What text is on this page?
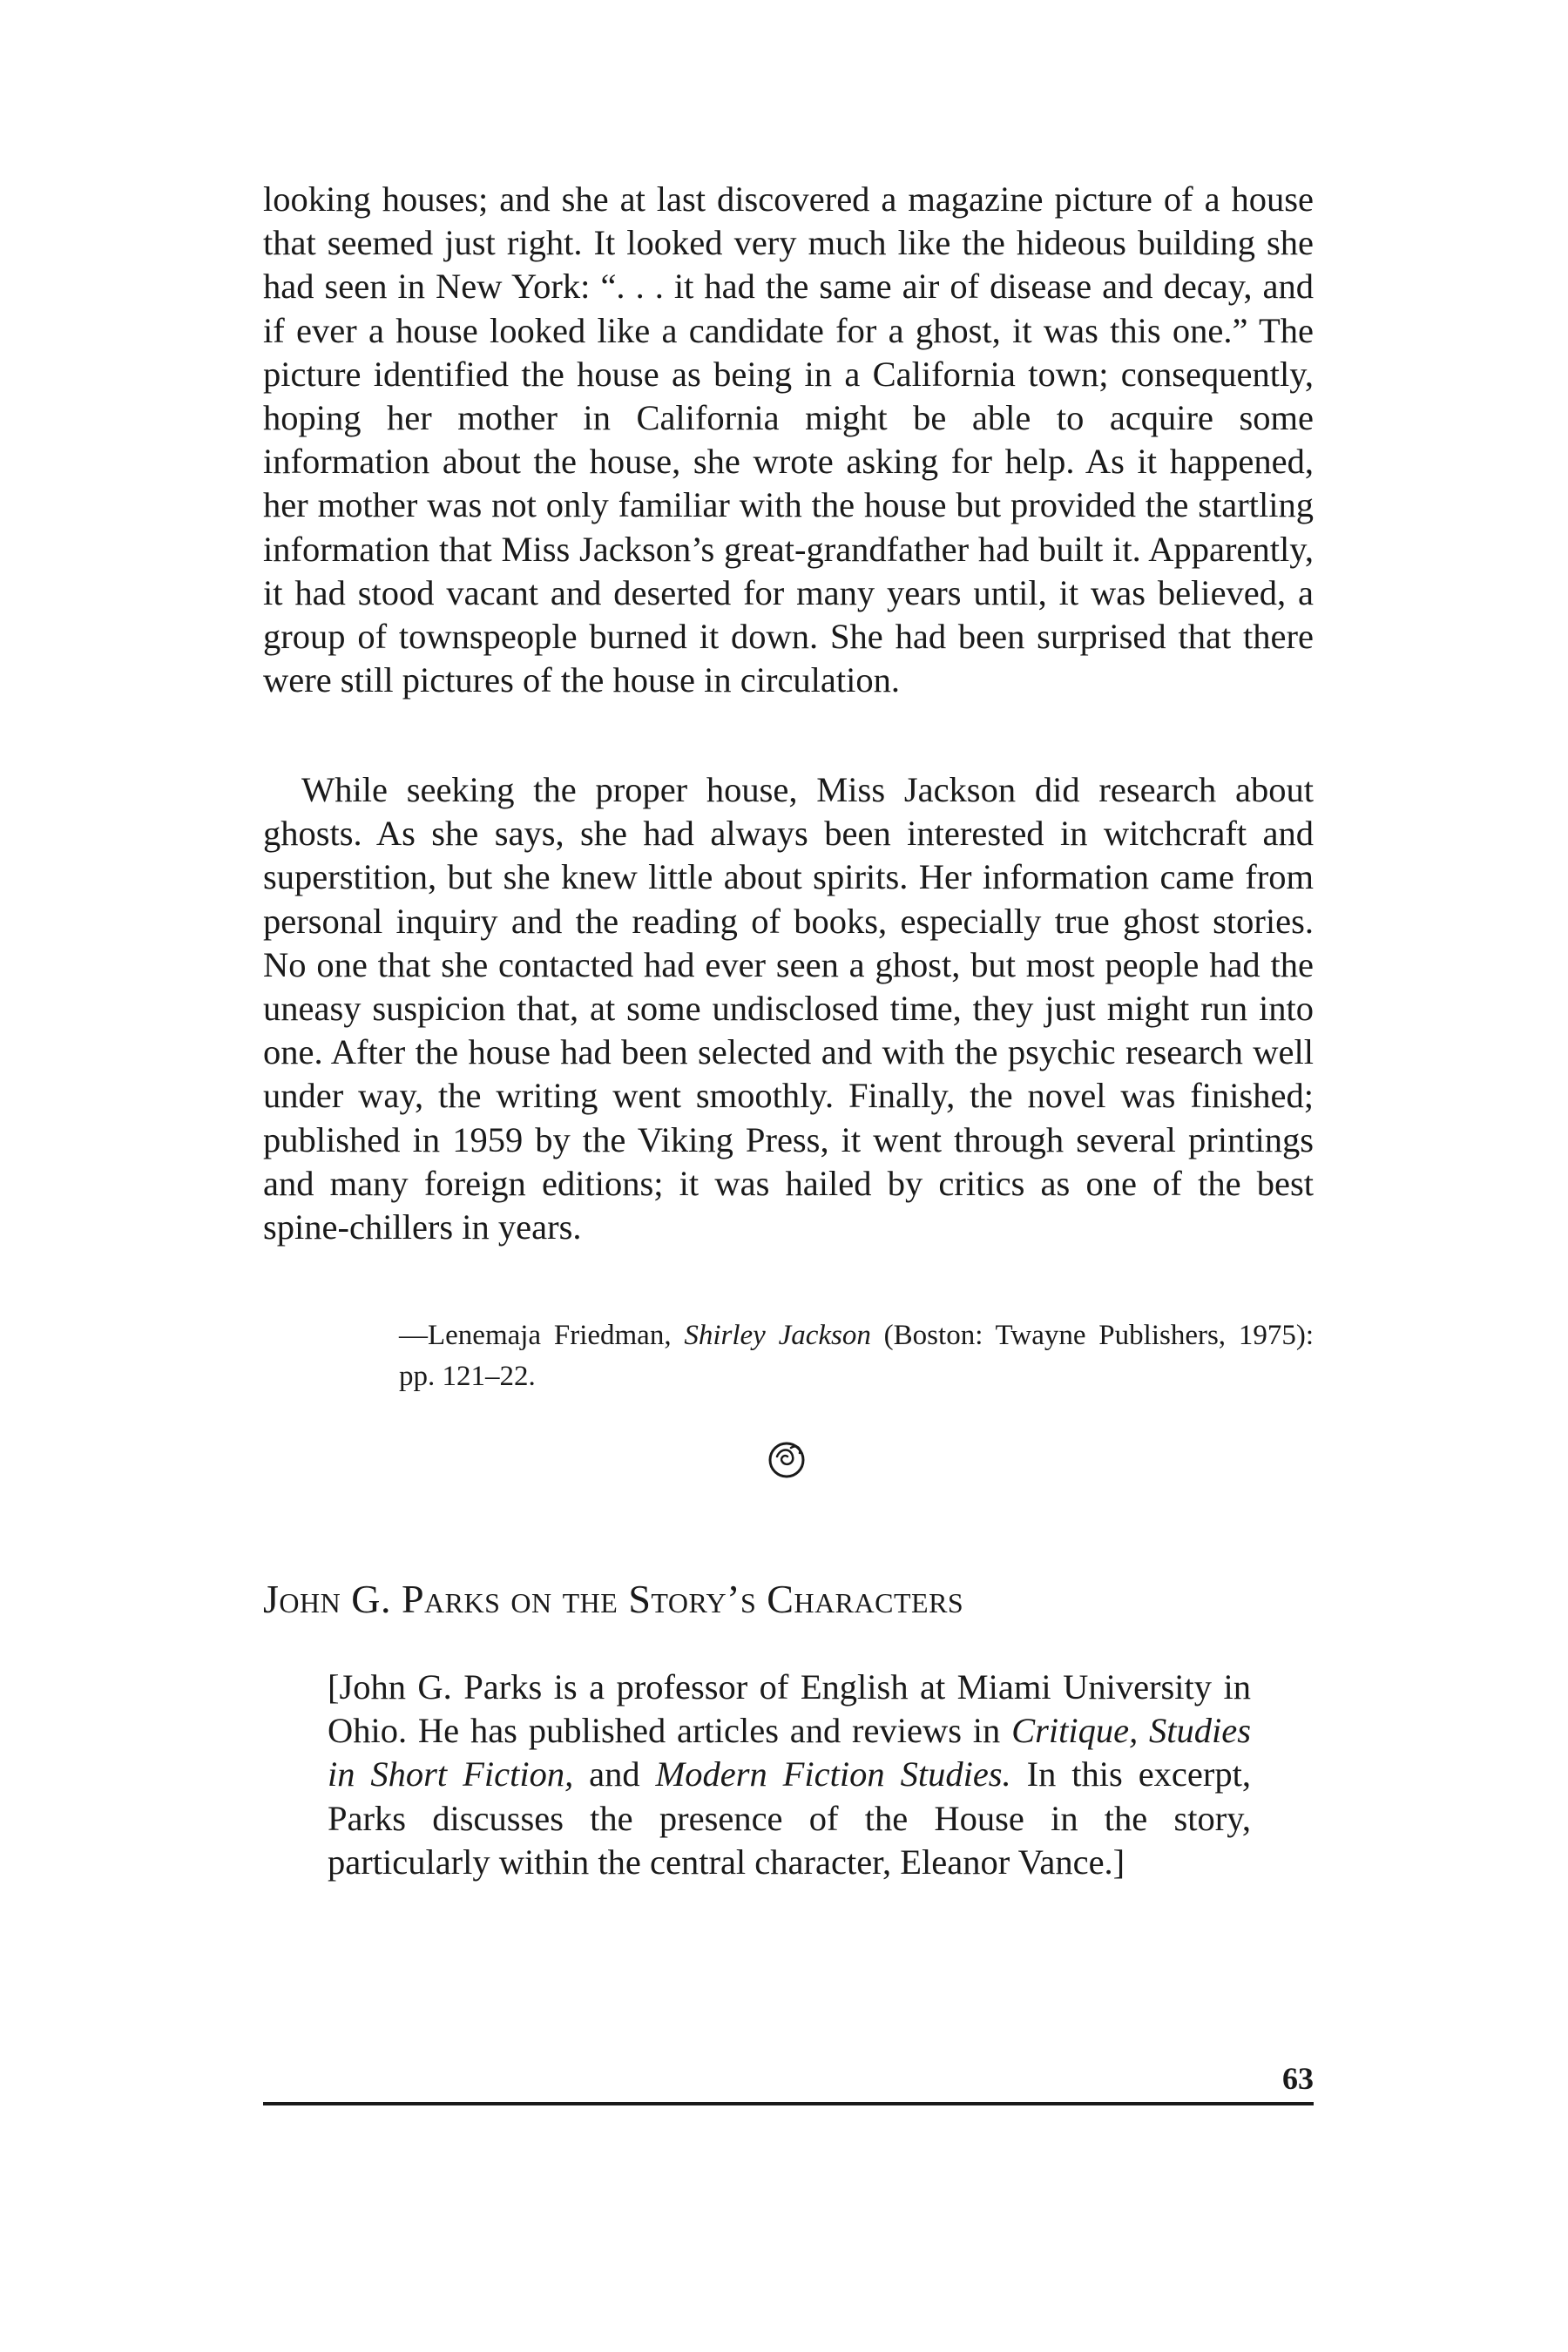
looking houses; and she at last discovered a magazine picture of a house that seemed just right. It looked very much like the hideous building she had seen in New York: “. . . it had the same air of disease and decay, and if ever a house looked like a candidate for a ghost, it was this one.” The picture identified the house as being in a California town; consequently, hoping her mother in California might be able to acquire some information about the house, she wrote asking for help. As it happened, her mother was not only familiar with the house but provided the startling information that Miss Jackson’s great-grandfather had built it. Apparently, it had stood vacant and deserted for many years until, it was believed, a group of townspeople burned it down. She had been surprised that there were still pictures of the house in circulation.

While seeking the proper house, Miss Jackson did research about ghosts. As she says, she had always been interested in witchcraft and superstition, but she knew little about spirits. Her information came from personal inquiry and the reading of books, especially true ghost stories. No one that she contacted had ever seen a ghost, but most people had the uneasy suspicion that, at some undisclosed time, they just might run into one. After the house had been selected and with the psychic research well under way, the writing went smoothly. Finally, the novel was finished; published in 1959 by the Viking Press, it went through several printings and many foreign editions; it was hailed by critics as one of the best spine-chillers in years.

—Lenemaja Friedman, Shirley Jackson (Boston: Twayne Publishers, 1975): pp. 121–22.

John G. Parks on the Story’s Characters

[John G. Parks is a professor of English at Miami University in Ohio. He has published articles and reviews in Critique, Studies in Short Fiction, and Modern Fiction Studies. In this excerpt, Parks discusses the presence of the House in the story, particularly within the central character, Eleanor Vance.]

63
